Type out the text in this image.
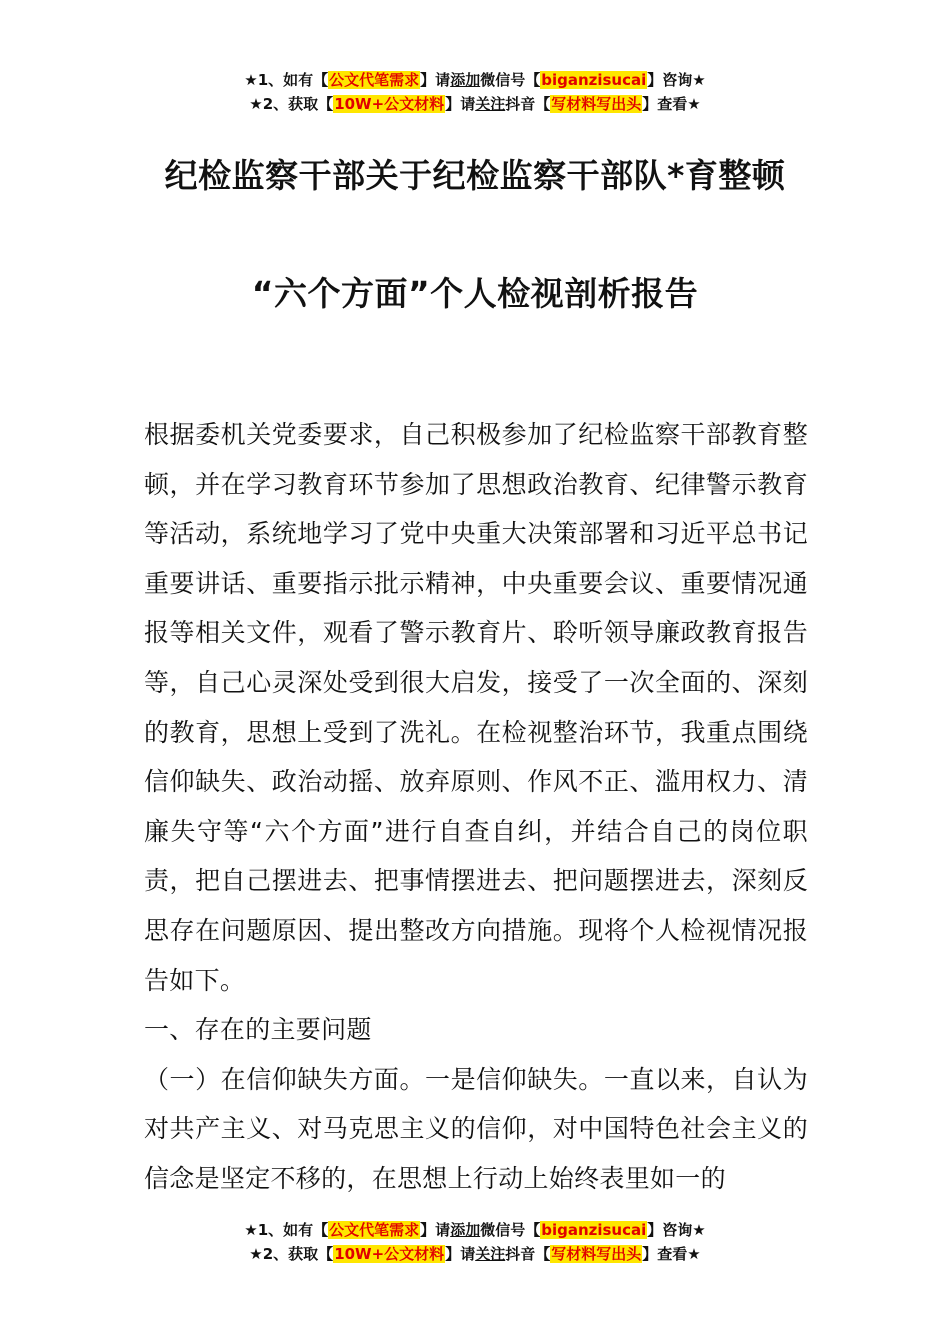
★1、如有【公文代笔需求】请添加微信号【biganzisucai】咨询★
★2、获取【10W+公文材料】请关注抖音【写材料写出头】查看★
纪检监察干部关于纪检监察干部队*育整顿
“六个方面”个人检视剖析报告

根据委机关党委要求，自己积极参加了纪检监察干部教育整顿，并在学习教育环节参加了思想政治教育、纪律警示教育等活动，系统地学习了党中央重大决策部署和习近平总书记重要讲话、重要指示批示精神，中央重要会议、重要情况通报等相关文件，观看了警示教育片、聆听领导廉政教育报告等，自己心灵深处受到很大启发，接受了一次全面的、深刻的教育，思想上受到了洗礼。在检视整治环节，我重点围绕信仰缺失、政治动摇、放弃原则、作风不正、滥用权力、清廉失守等“六个方面”进行自查自纠，并结合自己的岗位职责，把自己摆进去、把事情摆进去、把问题摆进去，深刻反思存在问题原因、提出整改方向措施。现将个人检视情况报告如下。

一、存在的主要问题

（一）在信仰缺失方面。一是信仰缺失。一直以来，自认为对共产主义、对马克思主义的信仰，对中国特色社会主义的信念是坚定不移的，在思想上行动上始终表里如一的

★1、如有【公文代笔需求】请添加微信号【biganzisucai】咨询★
★2、获取【10W+公文材料】请关注抖音【写材料写出头】查看★
